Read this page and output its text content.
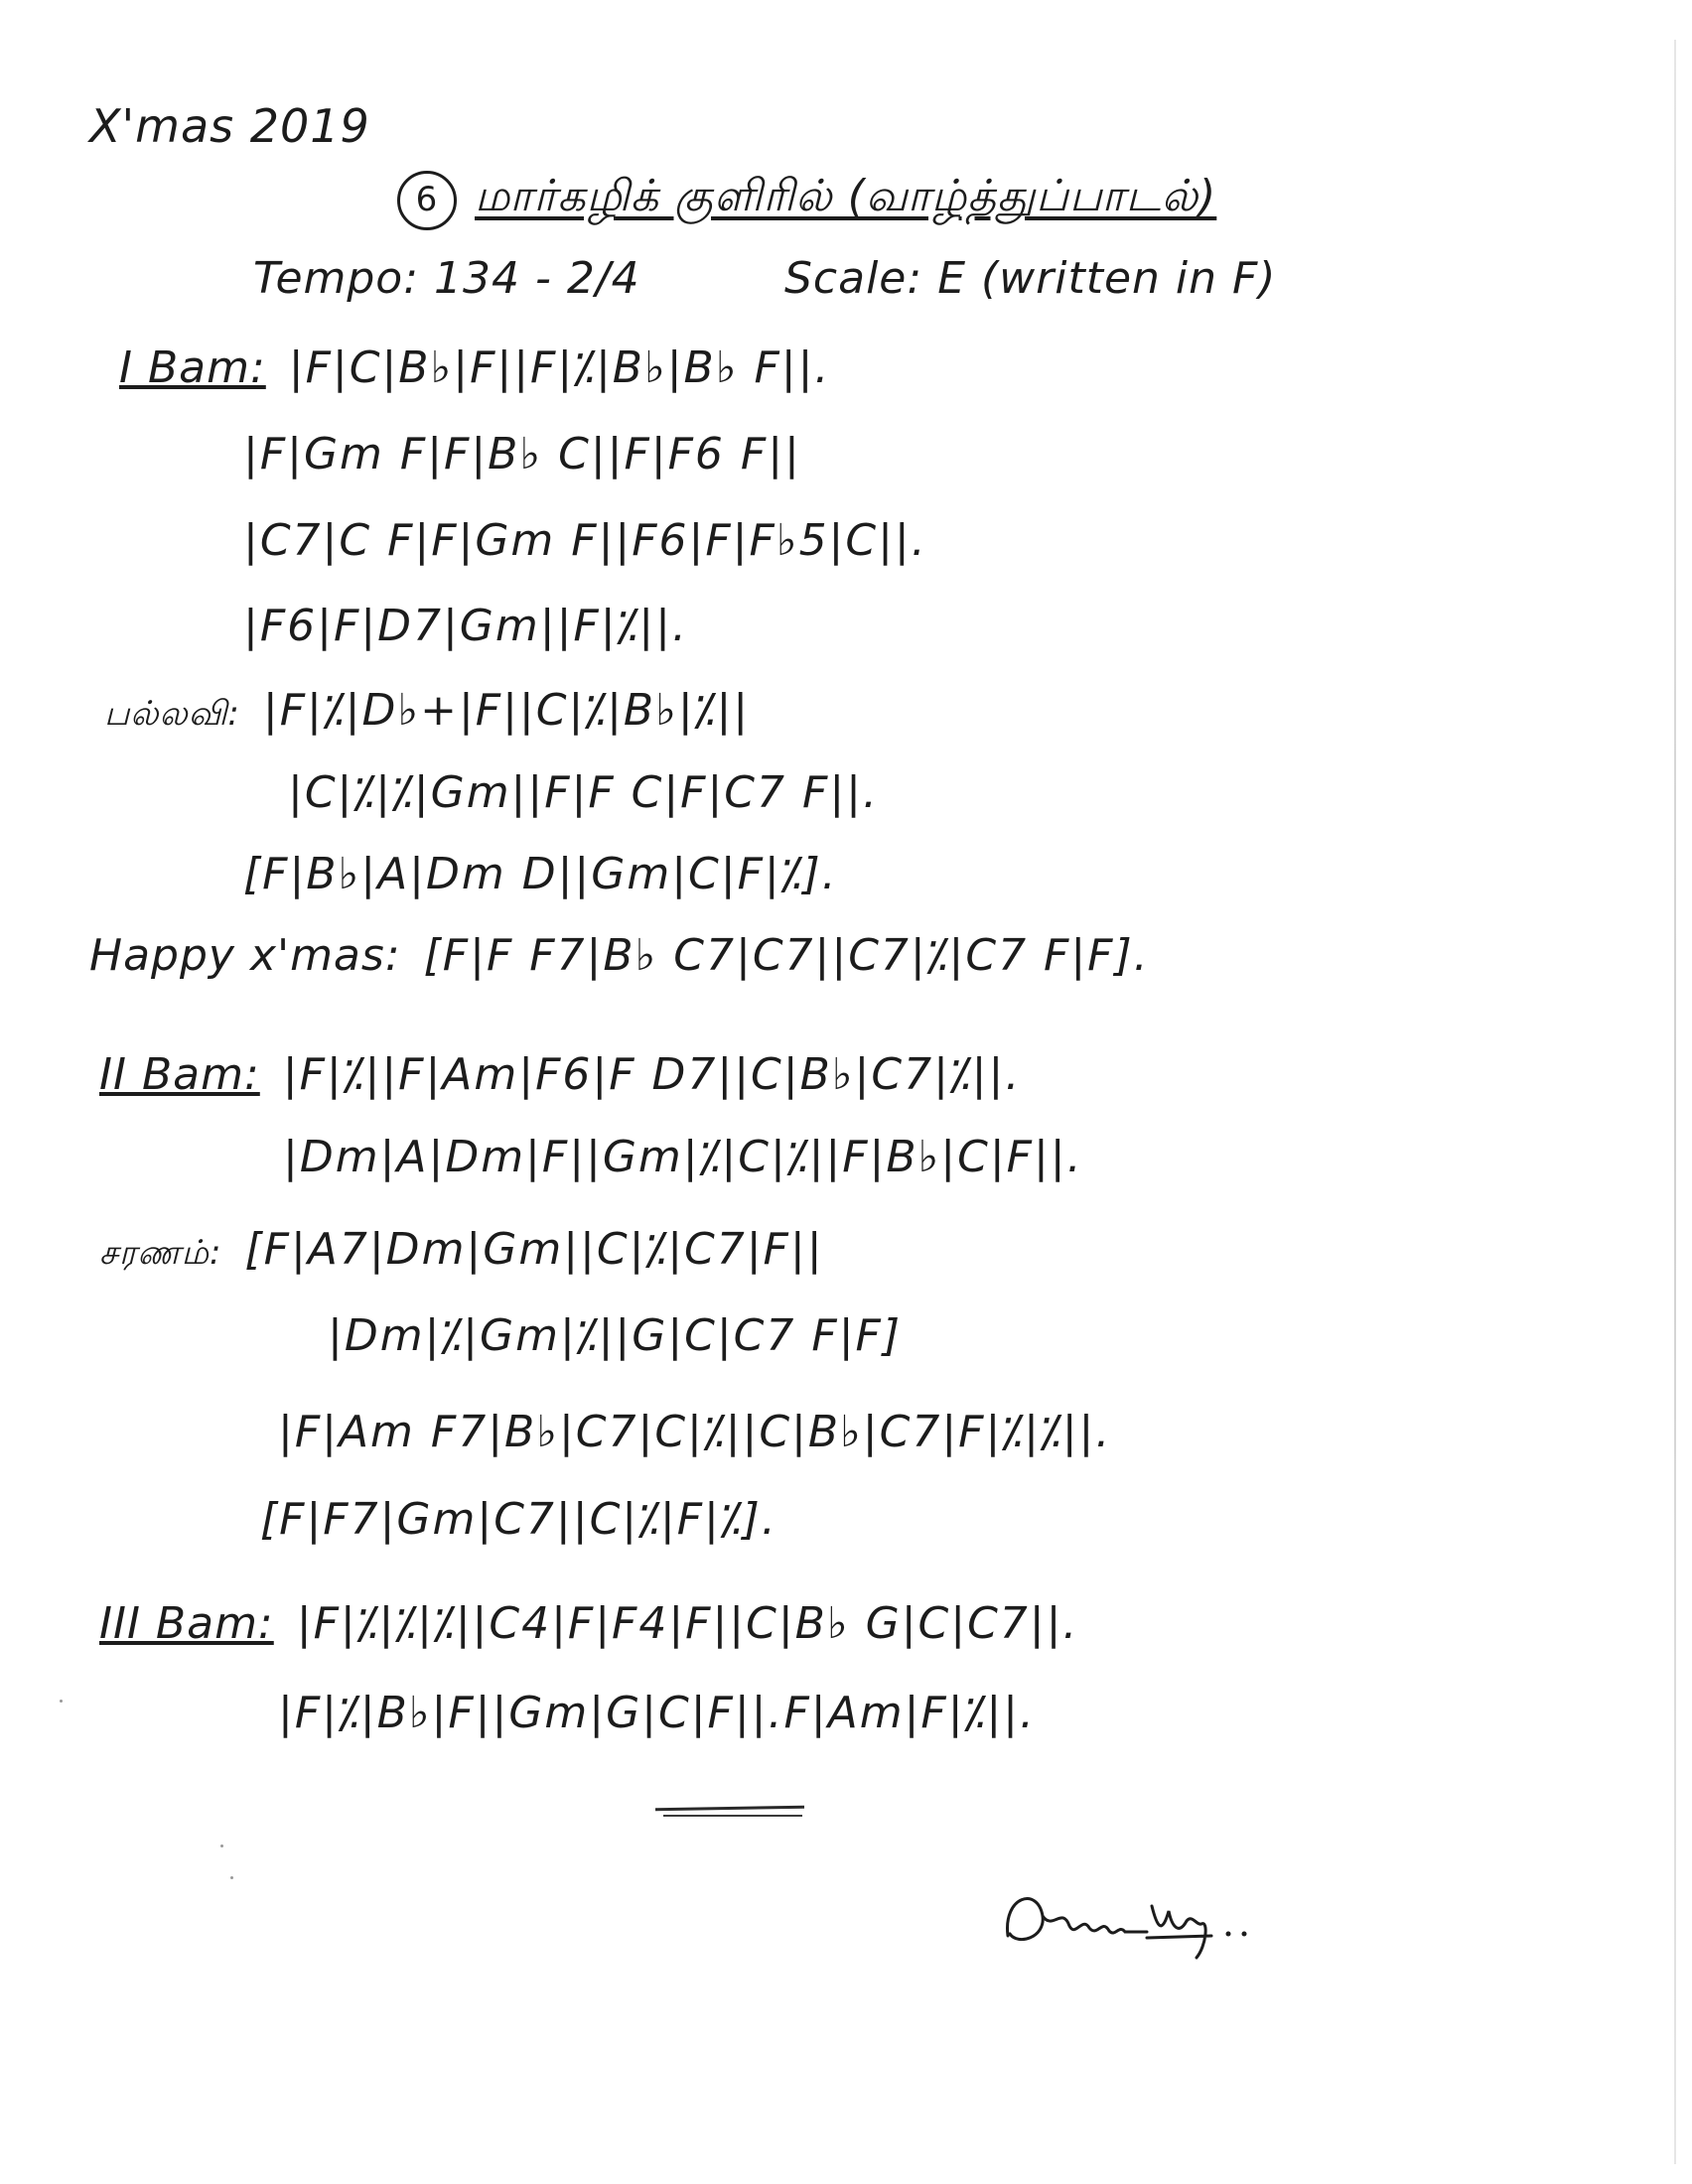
X'mas 2019
6 மார்கழிக் குளிரில் (வாழ்த்துப்பாடல்)
Tempo: 134 - 2/4	Scale: E (written in F)
I Bam: |F|C|B♭|F||F|⁒|B♭|B♭ F||.
|F|Gm F|F|B♭ C||F|F6 F||
|C7|C F|F|Gm F||F6|F|F♭5|C||.
|F6|F|D7|Gm||F|⁒||.
பல்லவி: |F|⁒|D♭+|F||C|⁒|B♭|⁒||
|C|⁒|⁒|Gm||F|F C|F|C7 F||.
[F|B♭|A|Dm D||Gm|C|F|⁒].
Happy x'mas: [F|F F7|B♭ C7|C7||C7|⁒|C7 F|F].
II Bam: |F|⁒||F|Am|F6|F D7||C|B♭|C7|⁒||.
|Dm|A|Dm|F||Gm|⁒|C|⁒||F|B♭|C|F||.
சரணம்: [F|A7|Dm|Gm||C|⁒|C7|F||
|Dm|⁒|Gm|⁒||G|C|C7 F|F]
|F|Am F7|B♭|C7|C|⁒||C|B♭|C7|F|⁒|⁒||.
[F|F7|Gm|C7||C|⁒|F|⁒].
III Bam: |F|⁒|⁒|⁒||C4|F|F4|F||C|B♭ G|C|C7||.
|F|⁒|B♭|F||Gm|G|C|F||.F|Am|F|⁒||.
